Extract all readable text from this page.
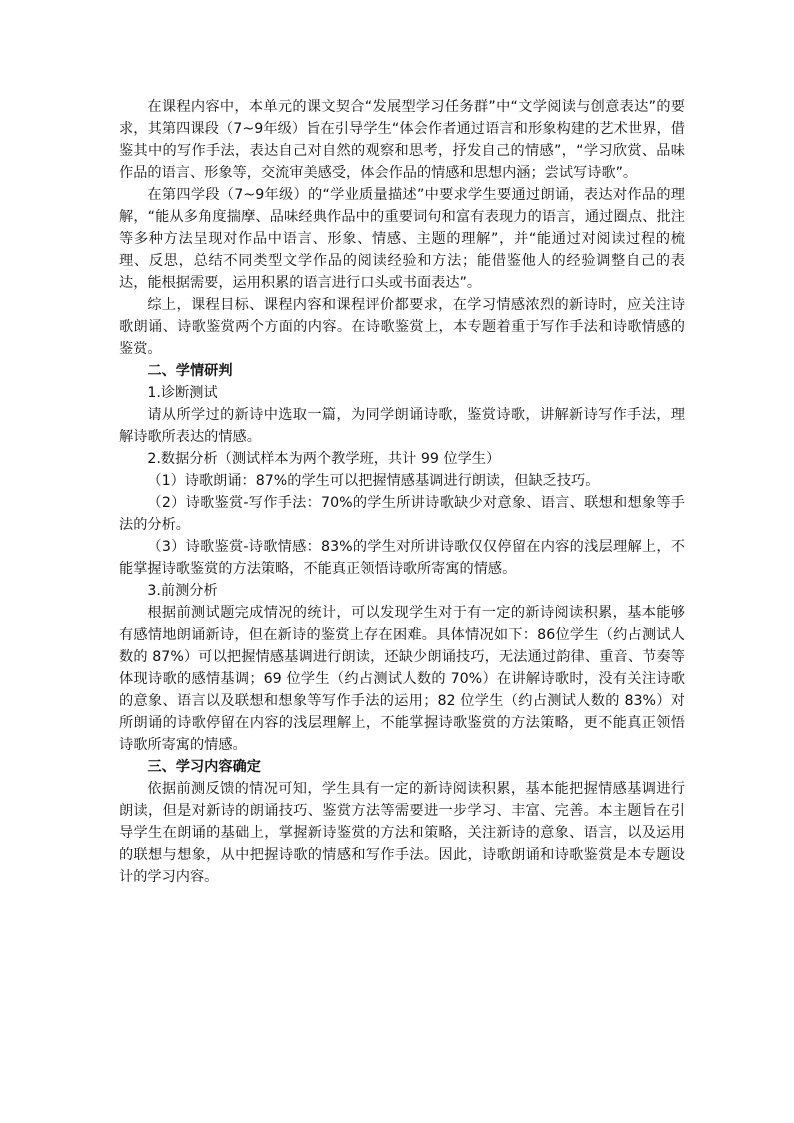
在课程内容中，本单元的课文契合“发展型学习任务群”中“文学阅读与创意表达”的要求，其第四课段（7~9年级）旨在引导学生“体会作者通过语言和形象构建的艺术世界，借鉴其中的写作手法，表达自己对自然的观察和思考，抒发自己的情感”，“学习欣赏、品味作品的语言、形象等，交流审美感受，体会作品的情感和思想内涵；尝试写诗歌”。

在第四学段（7~9年级）的“学业质量描述”中要求学生要通过朗诵，表达对作品的理解，“能从多角度揣摩、品味经典作品中的重要词句和富有表现力的语言，通过圈点、批注等多种方法呈现对作品中语言、形象、情感、主题的理解”，并“能通过对阅读过程的梳理、反思，总结不同类型文学作品的阅读经验和方法；能借鉴他人的经验调整自己的表达，能根据需要，运用积累的语言进行口头或书面表达”。

综上，课程目标、课程内容和课程评价都要求，在学习情感浓烈的新诗时，应关注诗歌朗诵、诗歌鉴赏两个方面的内容。在诗歌鉴赏上，本专题着重于写作手法和诗歌情感的鉴赏。

二、学情研判

1.诊断测试

请从所学过的新诗中选取一篇，为同学朗诵诗歌，鉴赏诗歌，讲解新诗写作手法，理解诗歌所表达的情感。

2.数据分析（测试样本为两个教学班，共计 99 位学生）

（1）诗歌朗诵：87%的学生可以把握情感基调进行朗读，但缺乏技巧。

（2）诗歌鉴赏-写作手法：70%的学生所讲诗歌缺少对意象、语言、联想和想象等手法的分析。

（3）诗歌鉴赏-诗歌情感：83%的学生对所讲诗歌仅仅停留在内容的浅层理解上，不能掌握诗歌鉴赏的方法策略，不能真正领悟诗歌所寄寓的情感。

3.前测分析

根据前测试题完成情况的统计，可以发现学生对于有一定的新诗阅读积累，基本能够有感情地朗诵新诗，但在新诗的鉴赏上存在困难。具体情况如下：86位学生（约占测试人数的 87%）可以把握情感基调进行朗读，还缺少朗诵技巧，无法通过韵律、重音、节奏等体现诗歌的感情基调；69 位学生（约占测试人数的 70%）在讲解诗歌时，没有关注诗歌的意象、语言以及联想和想象等写作手法的运用；82 位学生（约占测试人数的 83%）对所朗诵的诗歌停留在内容的浅层理解上，不能掌握诗歌鉴赏的方法策略，更不能真正领悟诗歌所寄寓的情感。

三、学习内容确定

依据前测反馈的情况可知，学生具有一定的新诗阅读积累，基本能把握情感基调进行朗读，但是对新诗的朗诵技巧、鉴赏方法等需要进一步学习、丰富、完善。本主题旨在引导学生在朗诵的基础上，掌握新诗鉴赏的方法和策略，关注新诗的意象、语言，以及运用的联想与想象，从中把握诗歌的情感和写作手法。因此，诗歌朗诵和诗歌鉴赏是本专题设计的学习内容。
